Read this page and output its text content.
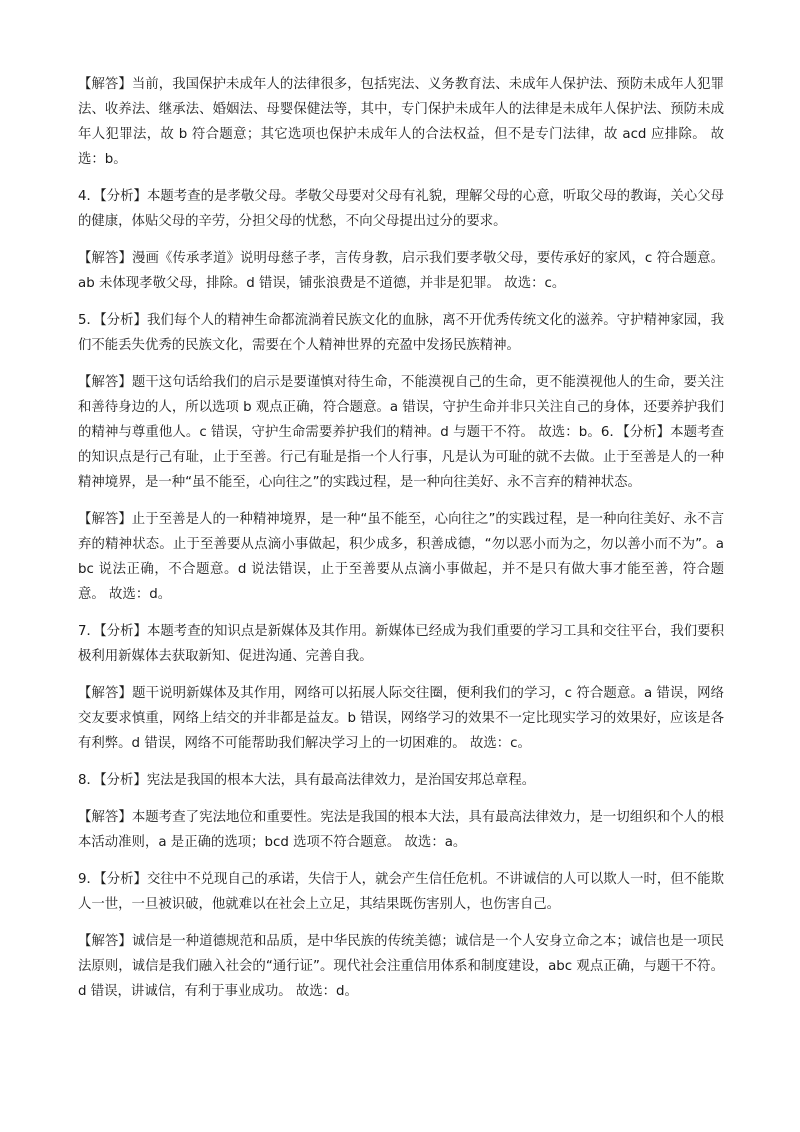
【解答】当前，我国保护未成年人的法律很多，包括宪法、义务教育法、未成年人保护法、预防未成年人犯罪法、收养法、继承法、婚姻法、母婴保健法等，其中，专门保护未成年人的法律是未成年人保护法、预防未成年人犯罪法，故 b 符合题意；其它选项也保护未成年人的合法权益，但不是专门法律，故 acd 应排除。 故选：b。

4．【分析】本题考查的是孝敬父母。孝敬父母要对父母有礼貌，理解父母的心意，听取父母的教诲，关心父母的健康，体贴父母的辛劳，分担父母的忧愁，不向父母提出过分的要求。

【解答】漫画《传承孝道》说明母慈子孝，言传身教，启示我们要孝敬父母，要传承好的家风，c 符合题意。ab 未体现孝敬父母，排除。d 错误，铺张浪费是不道德，并非是犯罪。 故选：c。

5．【分析】我们每个人的精神生命都流淌着民族文化的血脉，离不开优秀传统文化的滋养。守护精神家园，我们不能丢失优秀的民族文化，需要在个人精神世界的充盈中发扬民族精神。

【解答】题干这句话给我们的启示是要谨慎对待生命，不能漠视自己的生命，更不能漠视他人的生命，要关注和善待身边的人，所以选项 b 观点正确，符合题意。a 错误，守护生命并非只关注自己的身体，还要养护我们的精神与尊重他人。c 错误，守护生命需要养护我们的精神。d 与题干不符。 故选：b。6．【分析】本题考查的知识点是行己有耻，止于至善。行己有耻是指一个人行事，凡是认为可耻的就不去做。止于至善是人的一种精神境界，是一种“虽不能至，心向往之”的实践过程，是一种向往美好、永不言弃的精神状态。

【解答】止于至善是人的一种精神境界，是一种“虽不能至，心向往之”的实践过程，是一种向往美好、永不言弃的精神状态。止于至善要从点滴小事做起，积少成多，积善成德，“勿以恶小而为之，勿以善小而不为”。abc 说法正确，不合题意。d 说法错误，止于至善要从点滴小事做起，并不是只有做大事才能至善，符合题意。 故选：d。

7．【分析】本题考查的知识点是新媒体及其作用。新媒体已经成为我们重要的学习工具和交往平台，我们要积极利用新媒体去获取新知、促进沟通、完善自我。

【解答】题干说明新媒体及其作用，网络可以拓展人际交往圈，便利我们的学习，c 符合题意。a 错误，网络交友要求慎重，网络上结交的并非都是益友。b 错误，网络学习的效果不一定比现实学习的效果好，应该是各有利弊。d 错误，网络不可能帮助我们解决学习上的一切困难的。 故选：c。

8．【分析】宪法是我国的根本大法，具有最高法律效力，是治国安邦总章程。

【解答】本题考查了宪法地位和重要性。宪法是我国的根本大法，具有最高法律效力，是一切组织和个人的根本活动准则，a 是正确的选项；bcd 选项不符合题意。 故选：a。

9．【分析】交往中不兑现自己的承诺，失信于人，就会产生信任危机。不讲诚信的人可以欺人一时，但不能欺人一世，一旦被识破，他就难以在社会上立足，其结果既伤害别人，也伤害自己。

【解答】诚信是一种道德规范和品质，是中华民族的传统美德；诚信是一个人安身立命之本；诚信也是一项民法原则，诚信是我们融入社会的“通行证”。现代社会注重信用体系和制度建设，abc 观点正确，与题干不符。d 错误，讲诚信，有利于事业成功。 故选：d。
